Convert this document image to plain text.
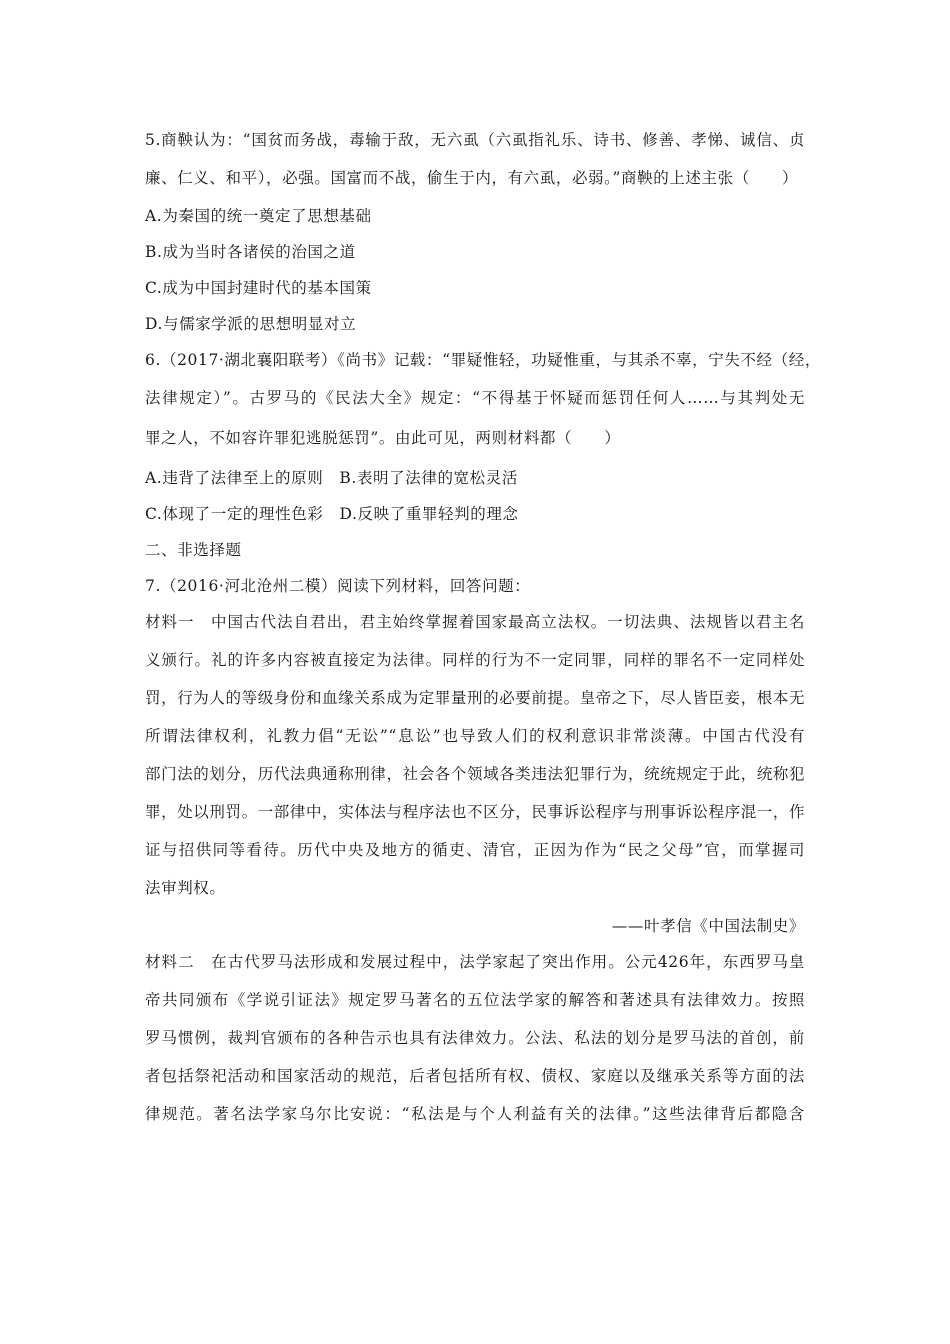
5.商鞅认为：“国贫而务战，毒输于敌，无六虱（六虱指礼乐、诗书、修善、孝悌、诚信、贞
廉、仁义、和平），必强。国富而不战，偷生于内，有六虱，必弱。”商鞅的上述主张（　　）
A.为秦国的统一奠定了思想基础
B.成为当时各诸侯的治国之道
C.成为中国封建时代的基本国策
D.与儒家学派的思想明显对立
6.（2017·湖北襄阳联考）《尚书》记载：“罪疑惟轻，功疑惟重，与其杀不辜，宁失不经（经，
法律规定）”。古罗马的《民法大全》规定：“不得基于怀疑而惩罚任何人……与其判处无
罪之人，不如容许罪犯逃脱惩罚”。由此可见，两则材料都（　　）
A.违背了法律至上的原则　B.表明了法律的宽松灵活
C.体现了一定的理性色彩　D.反映了重罪轻判的理念
二、非选择题
7.（2016·河北沧州二模）阅读下列材料，回答问题：
材料一　中国古代法自君出，君主始终掌握着国家最高立法权。一切法典、法规皆以君主名
义颁行。礼的许多内容被直接定为法律。同样的行为不一定同罪，同样的罪名不一定同样处
罚，行为人的等级身份和血缘关系成为定罪量刑的必要前提。皇帝之下，尽人皆臣妾，根本无
所谓法律权利，礼教力倡“无讼”“息讼”也导致人们的权利意识非常淡薄。中国古代没有
部门法的划分，历代法典通称刑律，社会各个领域各类违法犯罪行为，统统规定于此，统称犯
罪，处以刑罚。一部律中，实体法与程序法也不区分，民事诉讼程序与刑事诉讼程序混一，作
证与招供同等看待。历代中央及地方的循吏、清官，正因为作为“民之父母”官，而掌握司
法审判权。
——叶孝信《中国法制史》
材料二　在古代罗马法形成和发展过程中，法学家起了突出作用。公元426年，东西罗马皇
帝共同颁布《学说引证法》规定罗马著名的五位法学家的解答和著述具有法律效力。按照
罗马惯例，裁判官颁布的各种告示也具有法律效力。公法、私法的划分是罗马法的首创，前
者包括祭祀活动和国家活动的规范，后者包括所有权、债权、家庭以及继承关系等方面的法
律规范。著名法学家乌尔比安说：“私法是与个人利益有关的法律。”这些法律背后都隐含
